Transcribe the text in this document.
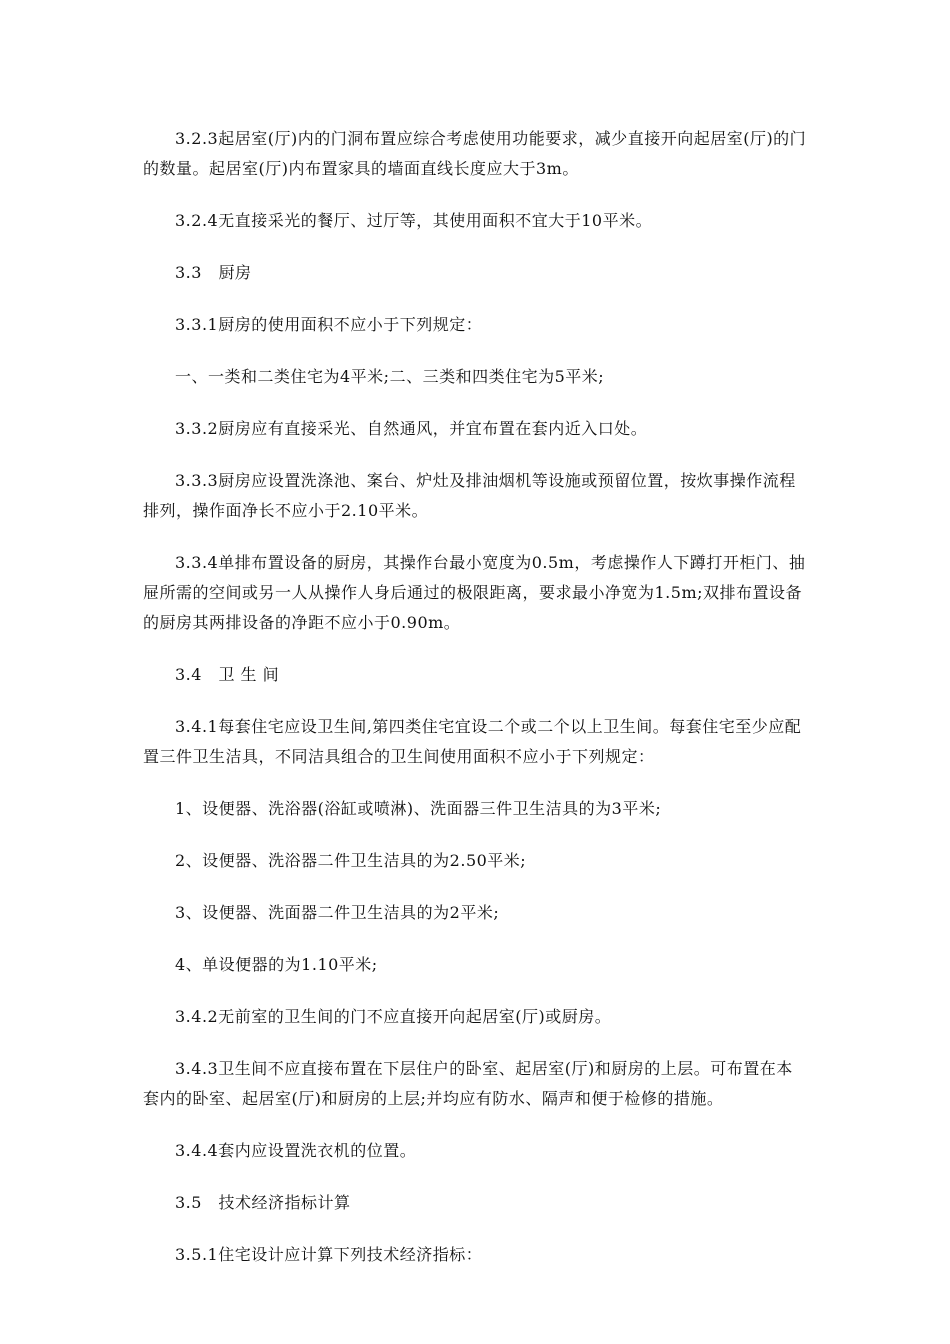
3.2.3起居室(厅)内的门洞布置应综合考虑使用功能要求，减少直接开向起居室(厅)的门的数量。起居室(厅)内布置家具的墙面直线长度应大于3m。

3.2.4无直接采光的餐厅、过厅等，其使用面积不宜大于10平米。

3.3　厨房

3.3.1厨房的使用面积不应小于下列规定：

一、一类和二类住宅为4平米;二、三类和四类住宅为5平米;

3.3.2厨房应有直接采光、自然通风，并宜布置在套内近入口处。

3.3.3厨房应设置洗涤池、案台、炉灶及排油烟机等设施或预留位置，按炊事操作流程排列，操作面净长不应小于2.10平米。

3.3.4单排布置设备的厨房，其操作台最小宽度为0.5m，考虑操作人下蹲打开柜门、抽屉所需的空间或另一人从操作人身后通过的极限距离，要求最小净宽为1.5m;双排布置设备的厨房其两排设备的净距不应小于0.90m。

3.4　卫 生 间

3.4.1每套住宅应设卫生间,第四类住宅宜设二个或二个以上卫生间。每套住宅至少应配置三件卫生洁具，不同洁具组合的卫生间使用面积不应小于下列规定：

1、设便器、洗浴器(浴缸或喷淋)、洗面器三件卫生洁具的为3平米;

2、设便器、洗浴器二件卫生洁具的为2.50平米;

3、设便器、洗面器二件卫生洁具的为2平米;

4、单设便器的为1.10平米;

3.4.2无前室的卫生间的门不应直接开向起居室(厅)或厨房。

3.4.3卫生间不应直接布置在下层住户的卧室、起居室(厅)和厨房的上层。可布置在本套内的卧室、起居室(厅)和厨房的上层;并均应有防水、隔声和便于检修的措施。

3.4.4套内应设置洗衣机的位置。

3.5　技术经济指标计算

3.5.1住宅设计应计算下列技术经济指标：
